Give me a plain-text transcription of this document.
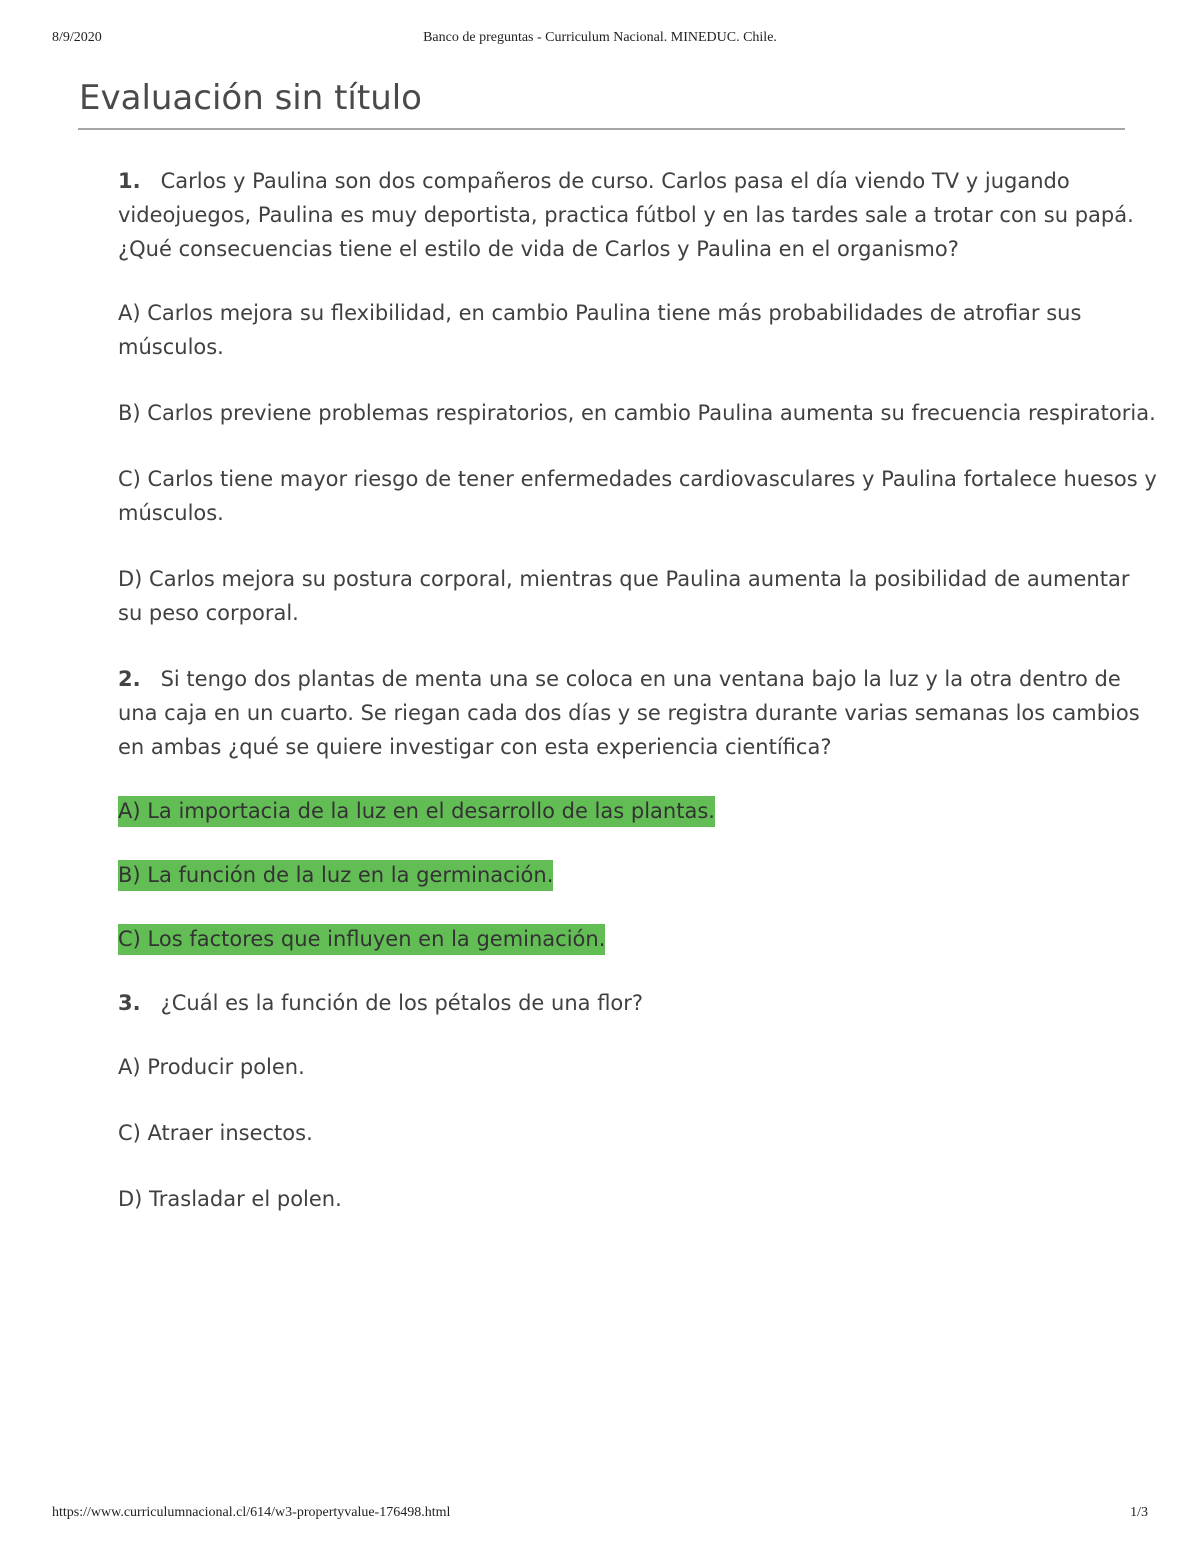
8/9/2020	Banco de preguntas - Curriculum Nacional. MINEDUC. Chile.
Evaluación sin título

1. Carlos y Paulina son dos compañeros de curso. Carlos pasa el día viendo TV y jugando videojuegos, Paulina es muy deportista, practica fútbol y en las tardes sale a trotar con su papá. ¿Qué consecuencias tiene el estilo de vida de Carlos y Paulina en el organismo?

A) Carlos mejora su flexibilidad, en cambio Paulina tiene más probabilidades de atrofiar sus músculos.

B) Carlos previene problemas respiratorios, en cambio Paulina aumenta su frecuencia respiratoria.

C) Carlos tiene mayor riesgo de tener enfermedades cardiovasculares y Paulina fortalece huesos y músculos.

D) Carlos mejora su postura corporal, mientras que Paulina aumenta la posibilidad de aumentar su peso corporal.

2. Si tengo dos plantas de menta una se coloca en una ventana bajo la luz y la otra dentro de una caja en un cuarto. Se riegan cada dos días y se registra durante varias semanas los cambios en ambas ¿qué se quiere investigar con esta experiencia científica?

A) La importacia de la luz en el desarrollo de las plantas.

B) La función de la luz en la germinación.

C) Los factores que influyen en la geminación.

3. ¿Cuál es la función de los pétalos de una flor?

A) Producir polen.

C) Atraer insectos.

D) Trasladar el polen.

https://www.curriculumnacional.cl/614/w3-propertyvalue-176498.html	1/3
